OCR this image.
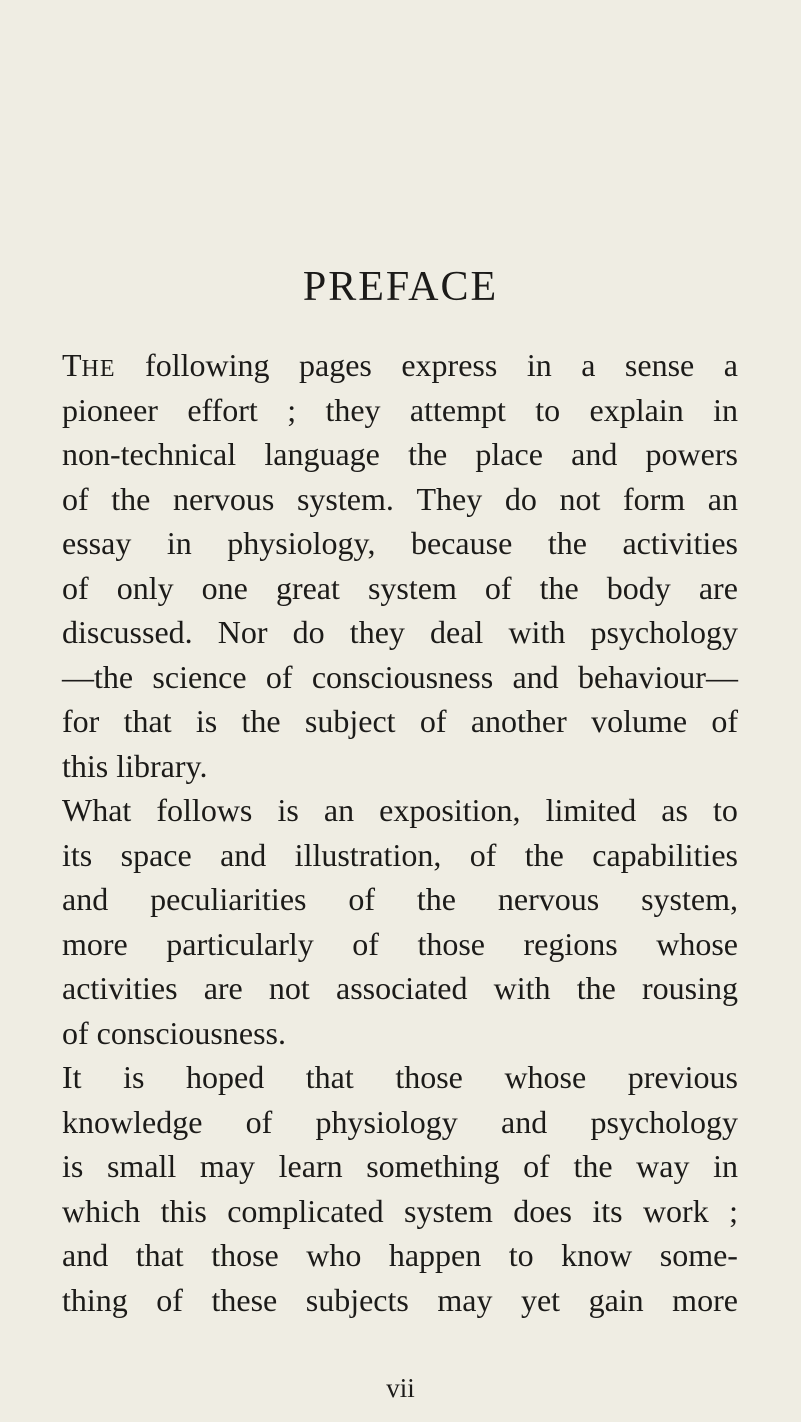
PREFACE
THE following pages express in a sense a
pioneer effort ; they attempt to explain in
non-technical language the place and powers
of the nervous system. They do not form an
essay in physiology, because the activities
of only one great system of the body are
discussed. Nor do they deal with psychology
—the science of consciousness and behaviour—
for that is the subject of another volume of
this library.
What follows is an exposition, limited as to
its space and illustration, of the capabilities
and peculiarities of the nervous system,
more particularly of those regions whose
activities are not associated with the rousing
of consciousness.
It is hoped that those whose previous
knowledge of physiology and psychology
is small may learn something of the way in
which this complicated system does its work ;
and that those who happen to know some-
thing of these subjects may yet gain more
vii
